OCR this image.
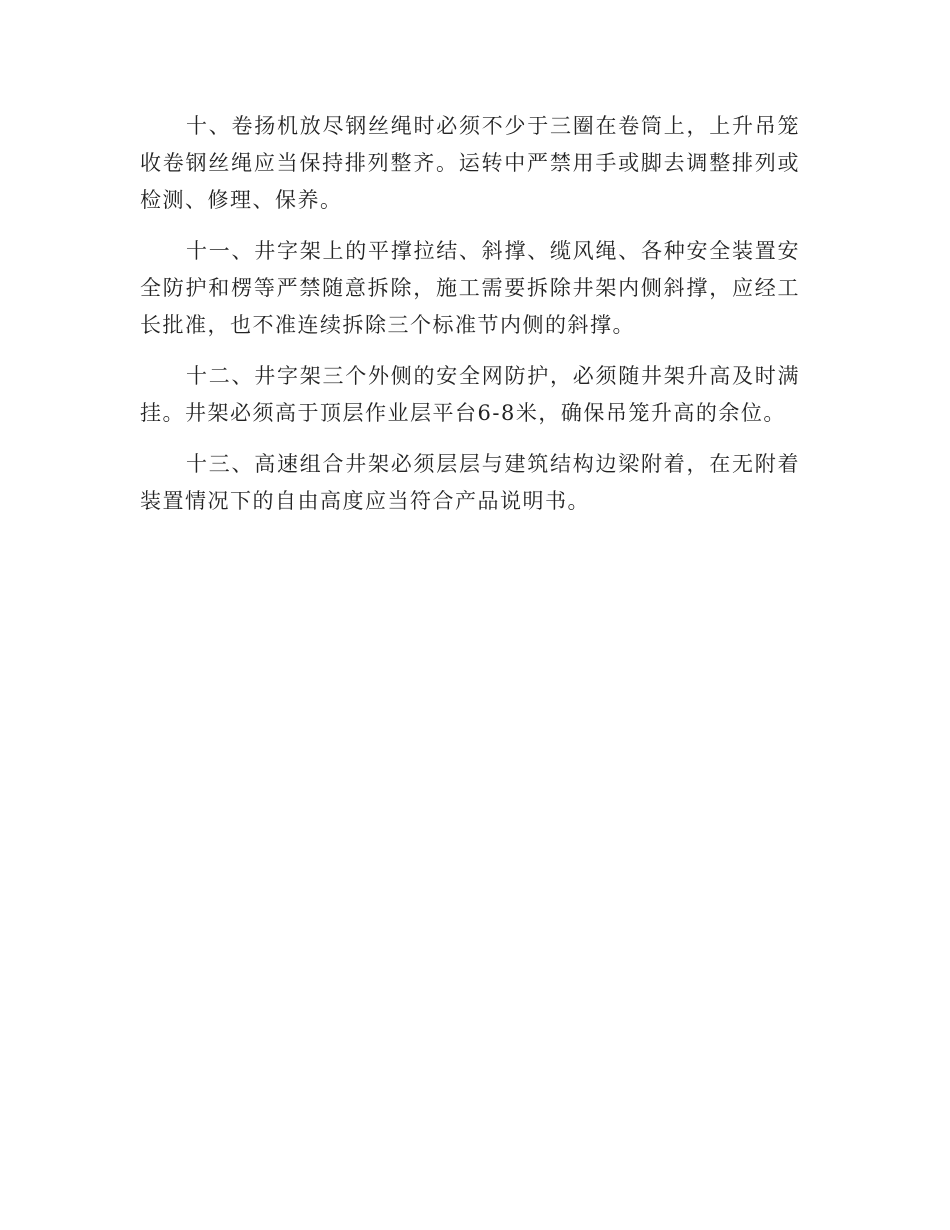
十、卷扬机放尽钢丝绳时必须不少于三圈在卷筒上，上升吊笼收卷钢丝绳应当保持排列整齐。运转中严禁用手或脚去调整排列或检测、修理、保养。

十一、井字架上的平撑拉结、斜撑、缆风绳、各种安全装置安全防护和楞等严禁随意拆除，施工需要拆除井架内侧斜撑，应经工长批准，也不准连续拆除三个标准节内侧的斜撑。

十二、井字架三个外侧的安全网防护，必须随井架升高及时满挂。井架必须高于顶层作业层平台6-8米，确保吊笼升高的余位。

十三、高速组合井架必须层层与建筑结构边梁附着，在无附着装置情况下的自由高度应当符合产品说明书。
